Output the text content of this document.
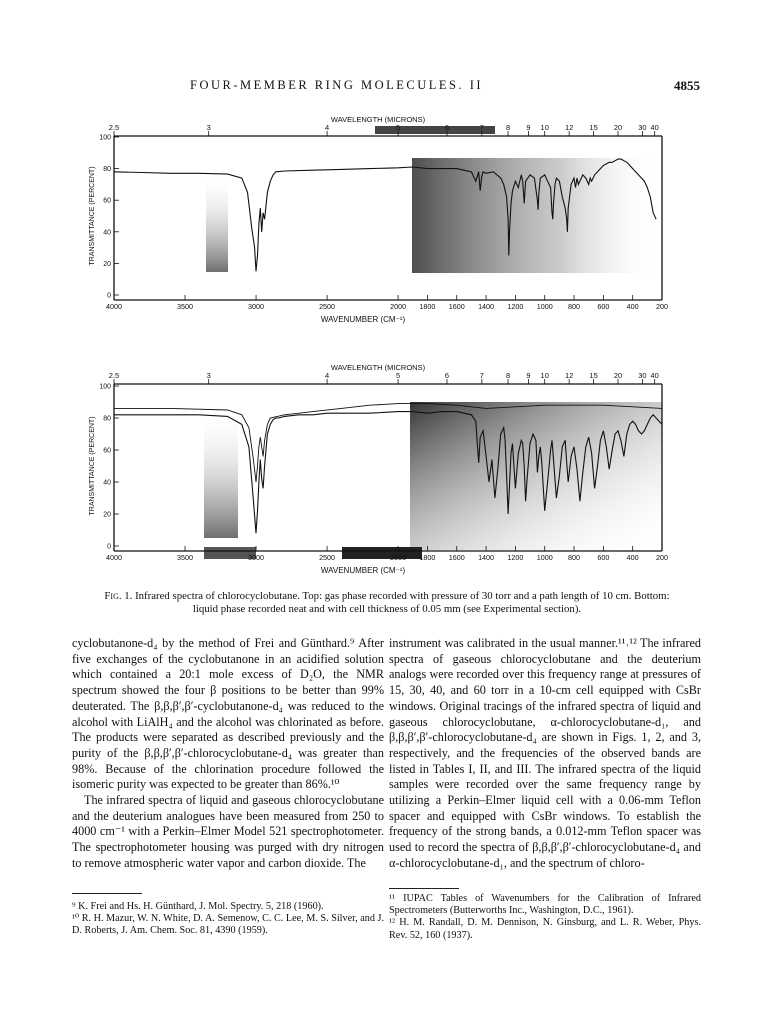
FOUR-MEMBER RING MOLECULES. II	4855
WAVELENGTH (MICRONS)
2.5	3	4	5	6	7	8 9 10 12 15 20 30 40
4000	3500	3000	2500	2000 1800 1600 1400 1200 1000 800 600 400 200
WAVENUMBER (CM⁻¹)
0
20
40
60
80
100
TRANSMITTANCE (PERCENT)
WAVELENGTH (MICRONS)
2.5	3	4	5	6	7	8 9 10 12 15 20 30 40
4000	3500	3000	2500	2000 1800 1600 1400 1200 1000 800 600 400 200
WAVENUMBER (CM⁻¹)
0
20
40
60
80
100
TRANSMITTANCE (PERCENT)
Fig. 1. Infrared spectra of chlorocyclobutane. Top: gas phase recorded with pressure of 30 torr and a path length of 10 cm. Bottom: liquid phase recorded neat and with cell thickness of 0.05 mm (see Experimental section).

cyclobutanone-d₄ by the method of Frei and Günthard.⁹ After five exchanges of the cyclobutanone in an acidified solution which contained a 20:1 mole excess of D₂O, the NMR spectrum showed the four β positions to be better than 99% deuterated. The β,β,β′,β′-cyclobutanone-d₄ was reduced to the alcohol with LiAlH₄ and the alcohol was chlorinated as before. The products were separated as described previously and the purity of the β,β,β′,β′-chlorocyclobutane-d₄ was greater than 98%. Because of the chlorination procedure followed the isomeric purity was expected to be greater than 86%.¹⁰

The infrared spectra of liquid and gaseous chlorocyclobutane and the deuterium analogues have been measured from 250 to 4000 cm⁻¹ with a Perkin–Elmer Model 521 spectrophotometer. The spectrophotometer housing was purged with dry nitrogen to remove atmospheric water vapor and carbon dioxide. The

instrument was calibrated in the usual manner.¹¹˒¹² The infrared spectra of gaseous chlorocyclobutane and the deuterium analogs were recorded over this frequency range at pressures of 15, 30, 40, and 60 torr in a 10-cm cell equipped with CsBr windows. Original tracings of the infrared spectra of liquid and gaseous chlorocyclobutane, α-chlorocyclobutane-d₁, and β,β,β′,β′-chlorocyclobutane-d₄ are shown in Figs. 1, 2, and 3, respectively, and the frequencies of the observed bands are listed in Tables I, II, and III. The infrared spectra of the liquid samples were recorded over the same frequency range by utilizing a Perkin–Elmer liquid cell with a 0.06-mm Teflon spacer and equipped with CsBr windows. To establish the frequency of the strong bands, a 0.012-mm Teflon spacer was used to record the spectra of β,β,β′,β′-chlorocyclobutane-d₄ and α-chlorocyclobutane-d₁, and the spectrum of chloro-

⁹ K. Frei and Hs. H. Günthard, J. Mol. Spectry. 5, 218 (1960).

¹⁰ R. H. Mazur, W. N. White, D. A. Semenow, C. C. Lee, M. S. Silver, and J. D. Roberts, J. Am. Chem. Soc. 81, 4390 (1959).

¹¹ IUPAC Tables of Wavenumbers for the Calibration of Infrared Spectrometers (Butterworths Inc., Washington, D.C., 1961).

¹² H. M. Randall, D. M. Dennison, N. Ginsburg, and L. R. Weber, Phys. Rev. 52, 160 (1937).
